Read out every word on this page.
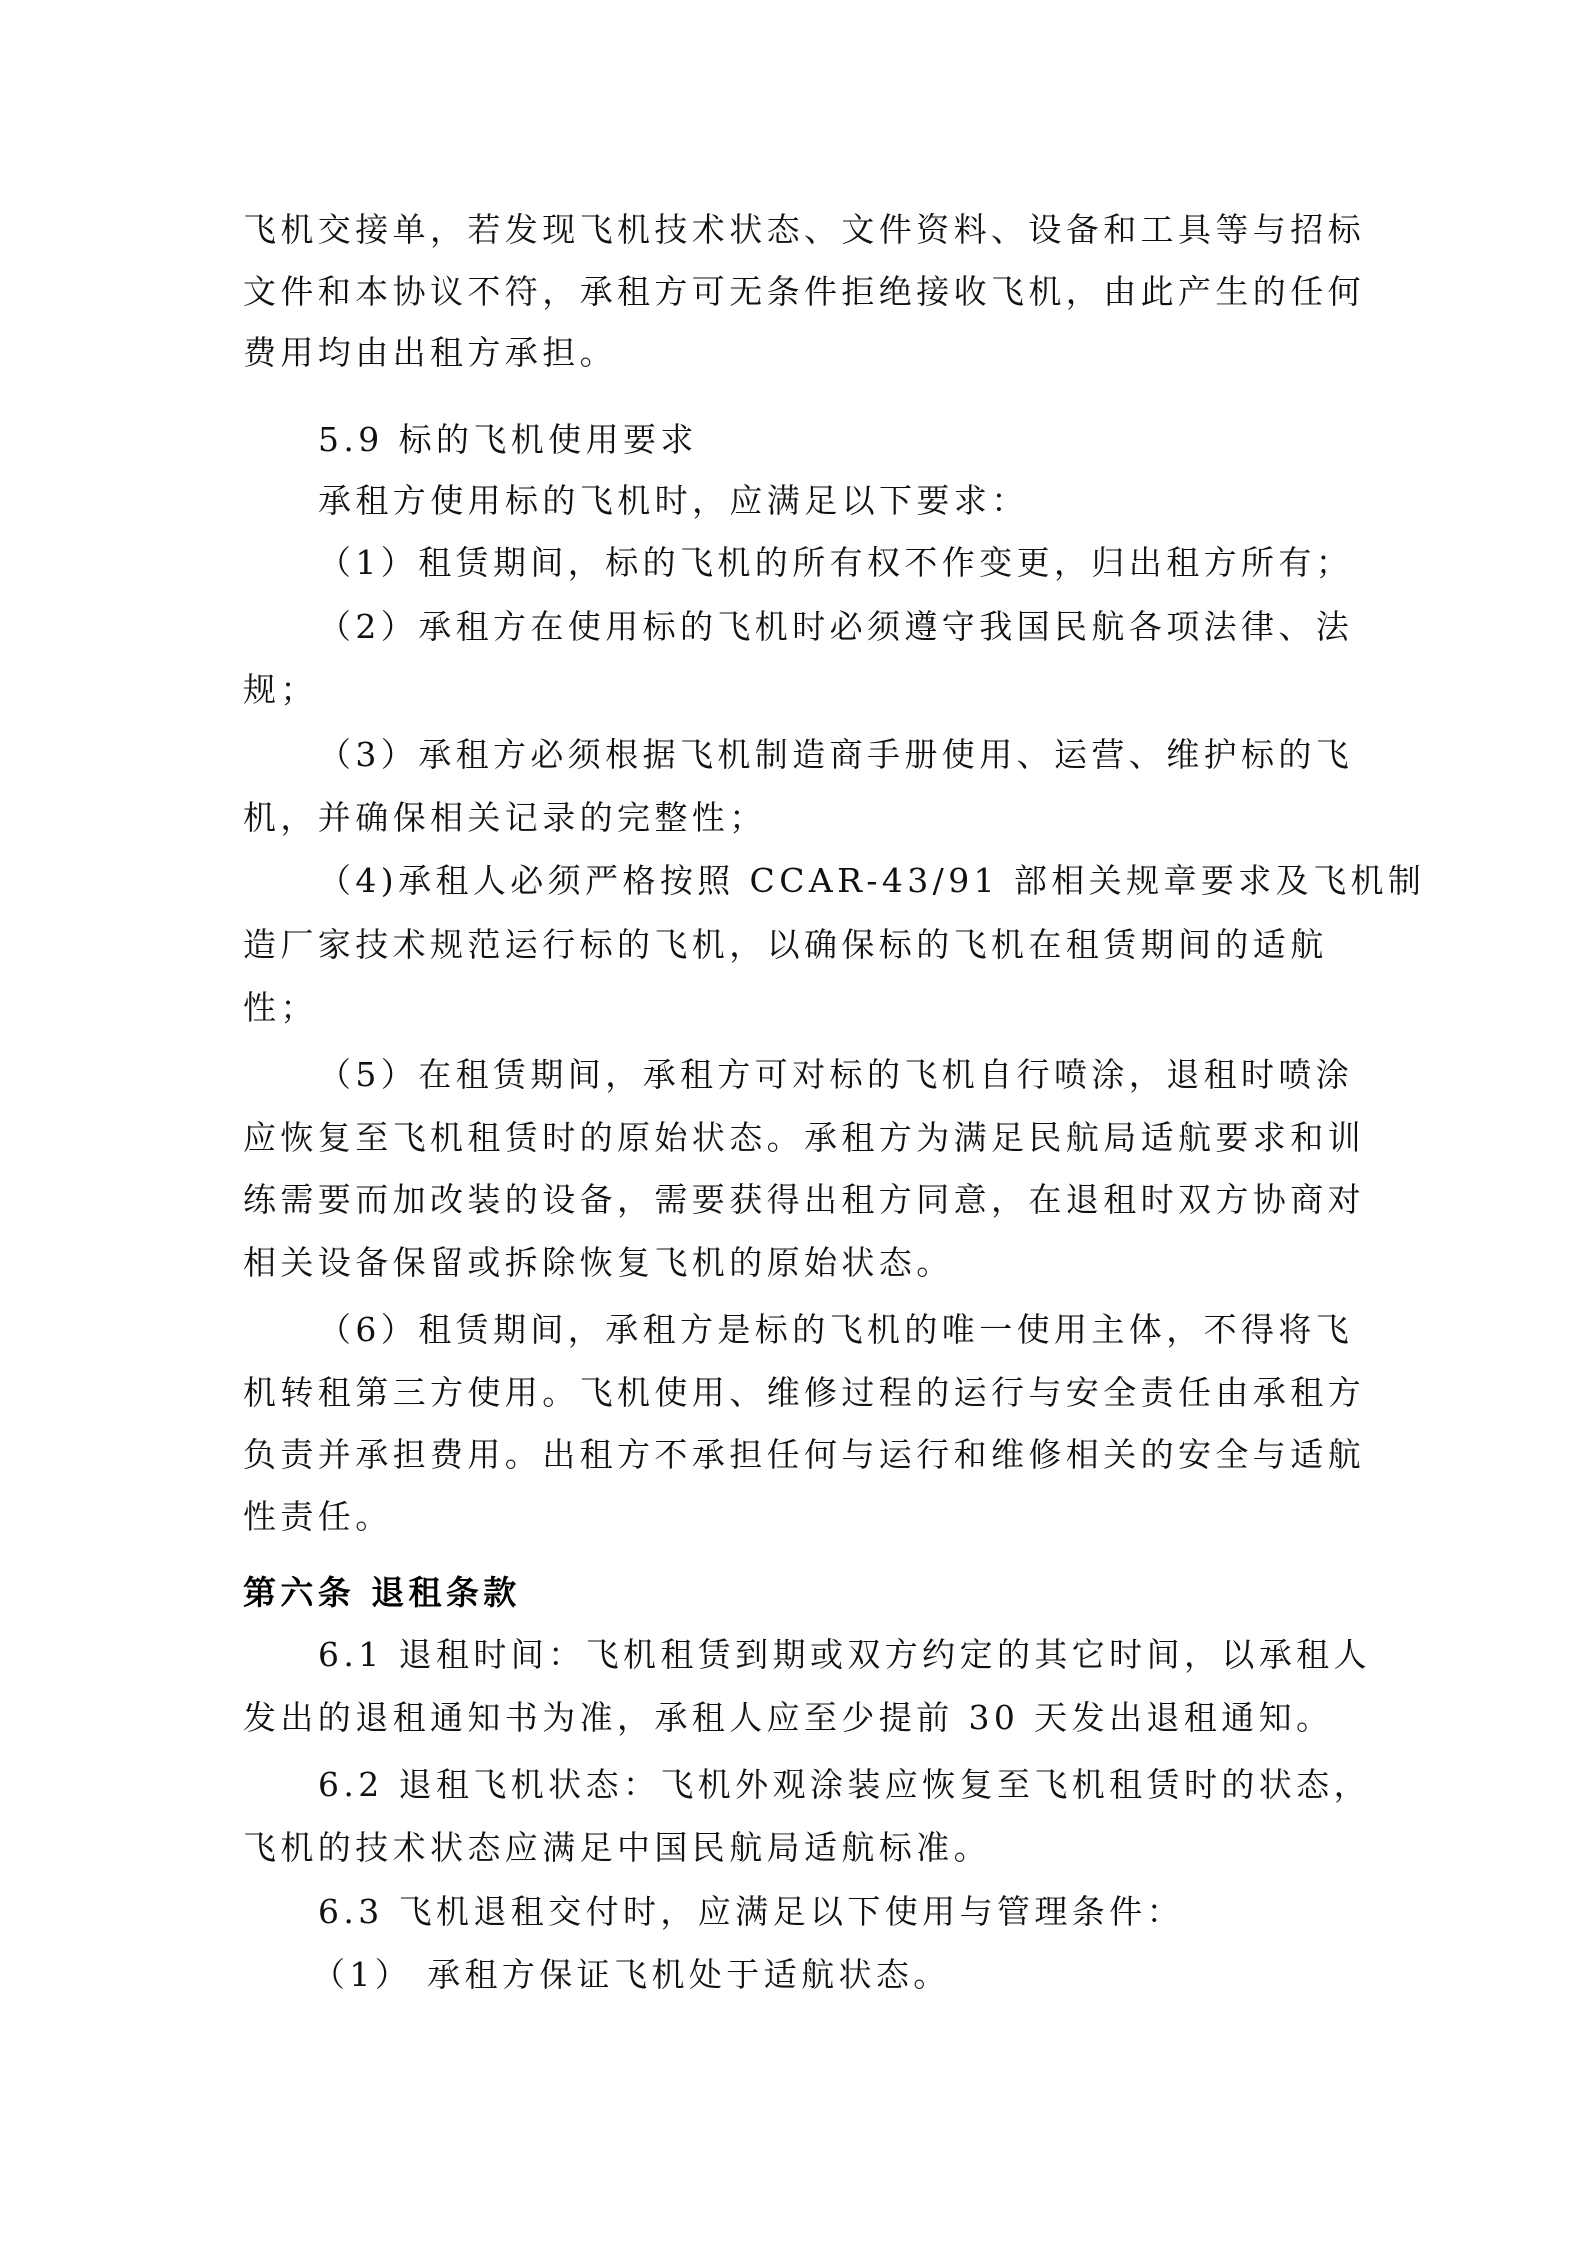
飞机交接单，若发现飞机技术状态、文件资料、设备和工具等与招标
文件和本协议不符，承租方可无条件拒绝接收飞机，由此产生的任何
费用均由出租方承担。
5.9 标的飞机使用要求
承租方使用标的飞机时，应满足以下要求：
（1）租赁期间，标的飞机的所有权不作变更，归出租方所有；
（2）承租方在使用标的飞机时必须遵守我国民航各项法律、法
规；
（3）承租方必须根据飞机制造商手册使用、运营、维护标的飞
机，并确保相关记录的完整性；
（4)承租人必须严格按照 CCAR-43/91 部相关规章要求及飞机制
造厂家技术规范运行标的飞机，以确保标的飞机在租赁期间的适航
性；
（5）在租赁期间，承租方可对标的飞机自行喷涂，退租时喷涂
应恢复至飞机租赁时的原始状态。承租方为满足民航局适航要求和训
练需要而加改装的设备，需要获得出租方同意，在退租时双方协商对
相关设备保留或拆除恢复飞机的原始状态。
（6）租赁期间，承租方是标的飞机的唯一使用主体，不得将飞
机转租第三方使用。飞机使用、维修过程的运行与安全责任由承租方
负责并承担费用。出租方不承担任何与运行和维修相关的安全与适航
性责任。
第六条 退租条款
6.1 退租时间：飞机租赁到期或双方约定的其它时间，以承租人
发出的退租通知书为准，承租人应至少提前 30 天发出退租通知。
6.2 退租飞机状态：飞机外观涂装应恢复至飞机租赁时的状态，
飞机的技术状态应满足中国民航局适航标准。
6.3 飞机退租交付时，应满足以下使用与管理条件：
（1） 承租方保证飞机处于适航状态。
